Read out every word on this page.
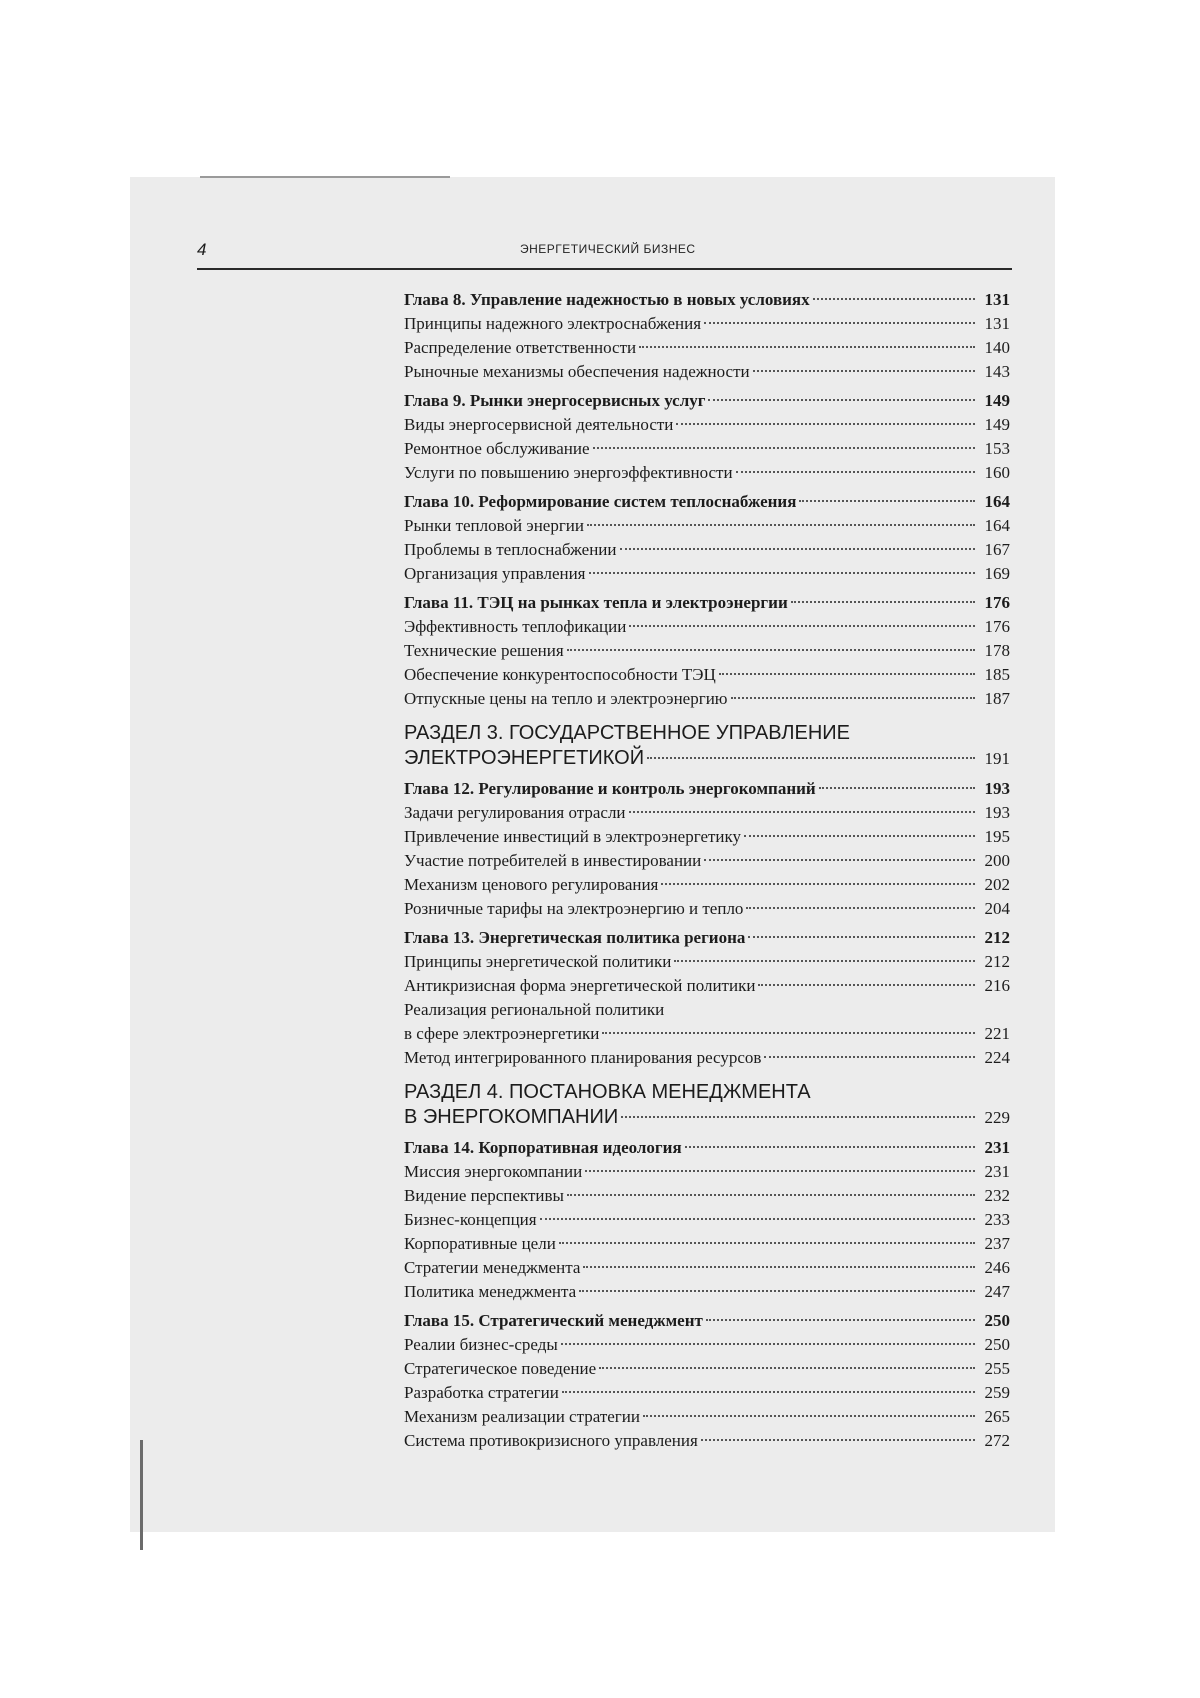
4	ЭНЕРГЕТИЧЕСКИЙ БИЗНЕС
Глава 8. Управление надежностью в новых условиях	131
Принципы надежного электроснабжения	131
Распределение ответственности	140
Рыночные механизмы обеспечения надежности	143
Глава 9. Рынки энергосервисных услуг	149
Виды энергосервисной деятельности	149
Ремонтное обслуживание	153
Услуги по повышению энергоэффективности	160
Глава 10. Реформирование систем теплоснабжения	164
Рынки тепловой энергии	164
Проблемы в теплоснабжении	167
Организация управления	169
Глава 11. ТЭЦ на рынках тепла и электроэнергии	176
Эффективность теплофикации	176
Технические решения	178
Обеспечение конкурентоспособности ТЭЦ	185
Отпускные цены на тепло и электроэнергию	187
РАЗДЕЛ 3. ГОСУДАРСТВЕННОЕ УПРАВЛЕНИЕ
ЭЛЕКТРОЭНЕРГЕТИКОЙ	191
Глава 12. Регулирование и контроль энергокомпаний	193
Задачи регулирования отрасли	193
Привлечение инвестиций в электроэнергетику	195
Участие потребителей в инвестировании	200
Механизм ценового регулирования	202
Розничные тарифы на электроэнергию и тепло	204
Глава 13. Энергетическая политика региона	212
Принципы энергетической политики	212
Антикризисная форма энергетической политики	216
Реализация региональной политики
в сфере электроэнергетики	221
Метод интегрированного планирования ресурсов	224
РАЗДЕЛ 4. ПОСТАНОВКА МЕНЕДЖМЕНТА
В ЭНЕРГОКОМПАНИИ	229
Глава 14. Корпоративная идеология	231
Миссия энергокомпании	231
Видение перспективы	232
Бизнес-концепция	233
Корпоративные цели	237
Стратегии менеджмента	246
Политика менеджмента	247
Глава 15. Стратегический менеджмент	250
Реалии бизнес-среды	250
Стратегическое поведение	255
Разработка стратегии	259
Механизм реализации стратегии	265
Система противокризисного управления	272
